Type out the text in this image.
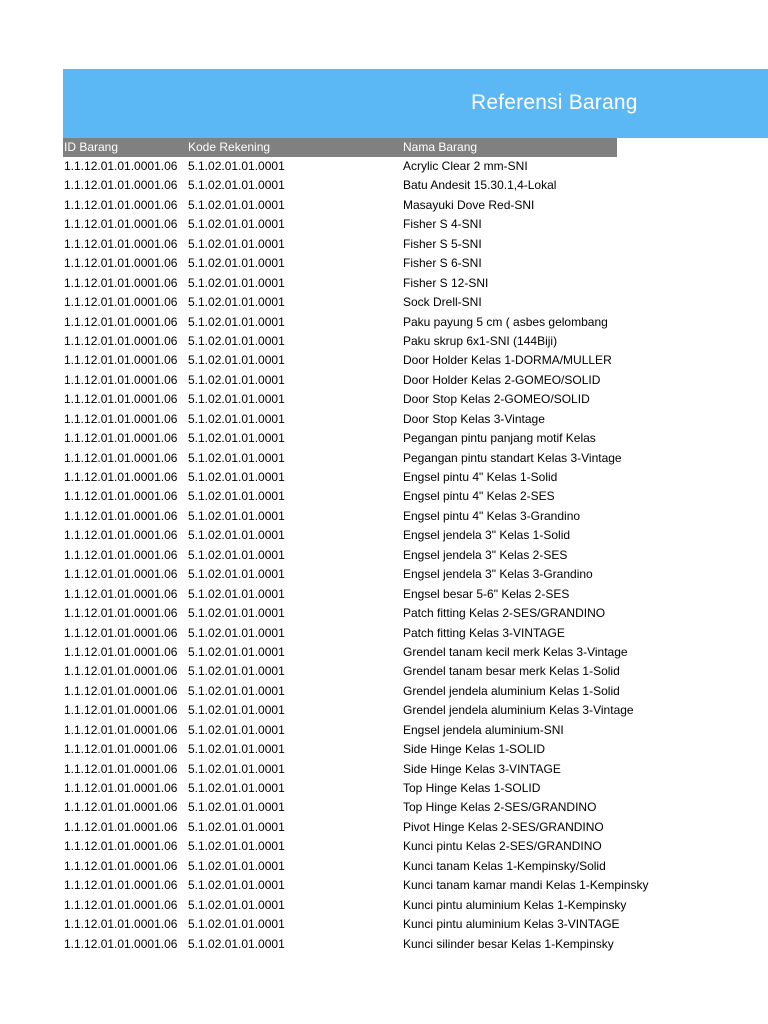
Referensi Barang
ID Barang	Kode Rekening	Nama Barang
1.1.12.01.01.0001.06 5.1.02.01.01.0001	Acrylic Clear 2 mm-SNI
1.1.12.01.01.0001.06 5.1.02.01.01.0001	Batu Andesit 15.30.1,4-Lokal
1.1.12.01.01.0001.06 5.1.02.01.01.0001	Masayuki Dove Red-SNI
1.1.12.01.01.0001.06 5.1.02.01.01.0001	Fisher S 4-SNI
1.1.12.01.01.0001.06 5.1.02.01.01.0001	Fisher S 5-SNI
1.1.12.01.01.0001.06 5.1.02.01.01.0001	Fisher S 6-SNI
1.1.12.01.01.0001.06 5.1.02.01.01.0001	Fisher S 12-SNI
1.1.12.01.01.0001.06 5.1.02.01.01.0001	Sock Drell-SNI
1.1.12.01.01.0001.06 5.1.02.01.01.0001	Paku payung 5 cm ( asbes gelombang
1.1.12.01.01.0001.06 5.1.02.01.01.0001	Paku skrup 6x1-SNI (144Biji)
1.1.12.01.01.0001.06 5.1.02.01.01.0001	Door Holder Kelas 1-DORMA/MULLER
1.1.12.01.01.0001.06 5.1.02.01.01.0001	Door Holder Kelas 2-GOMEO/SOLID
1.1.12.01.01.0001.06 5.1.02.01.01.0001	Door Stop Kelas 2-GOMEO/SOLID
1.1.12.01.01.0001.06 5.1.02.01.01.0001	Door Stop Kelas 3-Vintage
1.1.12.01.01.0001.06 5.1.02.01.01.0001	Pegangan pintu panjang motif Kelas
1.1.12.01.01.0001.06 5.1.02.01.01.0001	Pegangan pintu standart Kelas 3-Vintage
1.1.12.01.01.0001.06 5.1.02.01.01.0001	Engsel pintu 4" Kelas 1-Solid
1.1.12.01.01.0001.06 5.1.02.01.01.0001	Engsel pintu 4" Kelas 2-SES
1.1.12.01.01.0001.06 5.1.02.01.01.0001	Engsel pintu 4" Kelas 3-Grandino
1.1.12.01.01.0001.06 5.1.02.01.01.0001	Engsel jendela 3" Kelas 1-Solid
1.1.12.01.01.0001.06 5.1.02.01.01.0001	Engsel jendela 3" Kelas 2-SES
1.1.12.01.01.0001.06 5.1.02.01.01.0001	Engsel jendela 3" Kelas 3-Grandino
1.1.12.01.01.0001.06 5.1.02.01.01.0001	Engsel besar 5-6" Kelas 2-SES
1.1.12.01.01.0001.06 5.1.02.01.01.0001	Patch fitting Kelas 2-SES/GRANDINO
1.1.12.01.01.0001.06 5.1.02.01.01.0001	Patch fitting Kelas 3-VINTAGE
1.1.12.01.01.0001.06 5.1.02.01.01.0001	Grendel tanam kecil merk Kelas 3-Vintage
1.1.12.01.01.0001.06 5.1.02.01.01.0001	Grendel tanam besar merk Kelas 1-Solid
1.1.12.01.01.0001.06 5.1.02.01.01.0001	Grendel jendela aluminium Kelas 1-Solid
1.1.12.01.01.0001.06 5.1.02.01.01.0001	Grendel jendela aluminium Kelas 3-Vintage
1.1.12.01.01.0001.06 5.1.02.01.01.0001	Engsel jendela aluminium-SNI
1.1.12.01.01.0001.06 5.1.02.01.01.0001	Side Hinge Kelas 1-SOLID
1.1.12.01.01.0001.06 5.1.02.01.01.0001	Side Hinge Kelas 3-VINTAGE
1.1.12.01.01.0001.06 5.1.02.01.01.0001	Top Hinge Kelas 1-SOLID
1.1.12.01.01.0001.06 5.1.02.01.01.0001	Top Hinge Kelas 2-SES/GRANDINO
1.1.12.01.01.0001.06 5.1.02.01.01.0001	Pivot Hinge Kelas 2-SES/GRANDINO
1.1.12.01.01.0001.06 5.1.02.01.01.0001	Kunci pintu Kelas 2-SES/GRANDINO
1.1.12.01.01.0001.06 5.1.02.01.01.0001	Kunci tanam Kelas 1-Kempinsky/Solid
1.1.12.01.01.0001.06 5.1.02.01.01.0001	Kunci tanam kamar mandi Kelas 1-Kempinsky
1.1.12.01.01.0001.06 5.1.02.01.01.0001	Kunci pintu aluminium Kelas 1-Kempinsky
1.1.12.01.01.0001.06 5.1.02.01.01.0001	Kunci pintu aluminium Kelas 3-VINTAGE
1.1.12.01.01.0001.06 5.1.02.01.01.0001	Kunci silinder besar Kelas 1-Kempinsky
